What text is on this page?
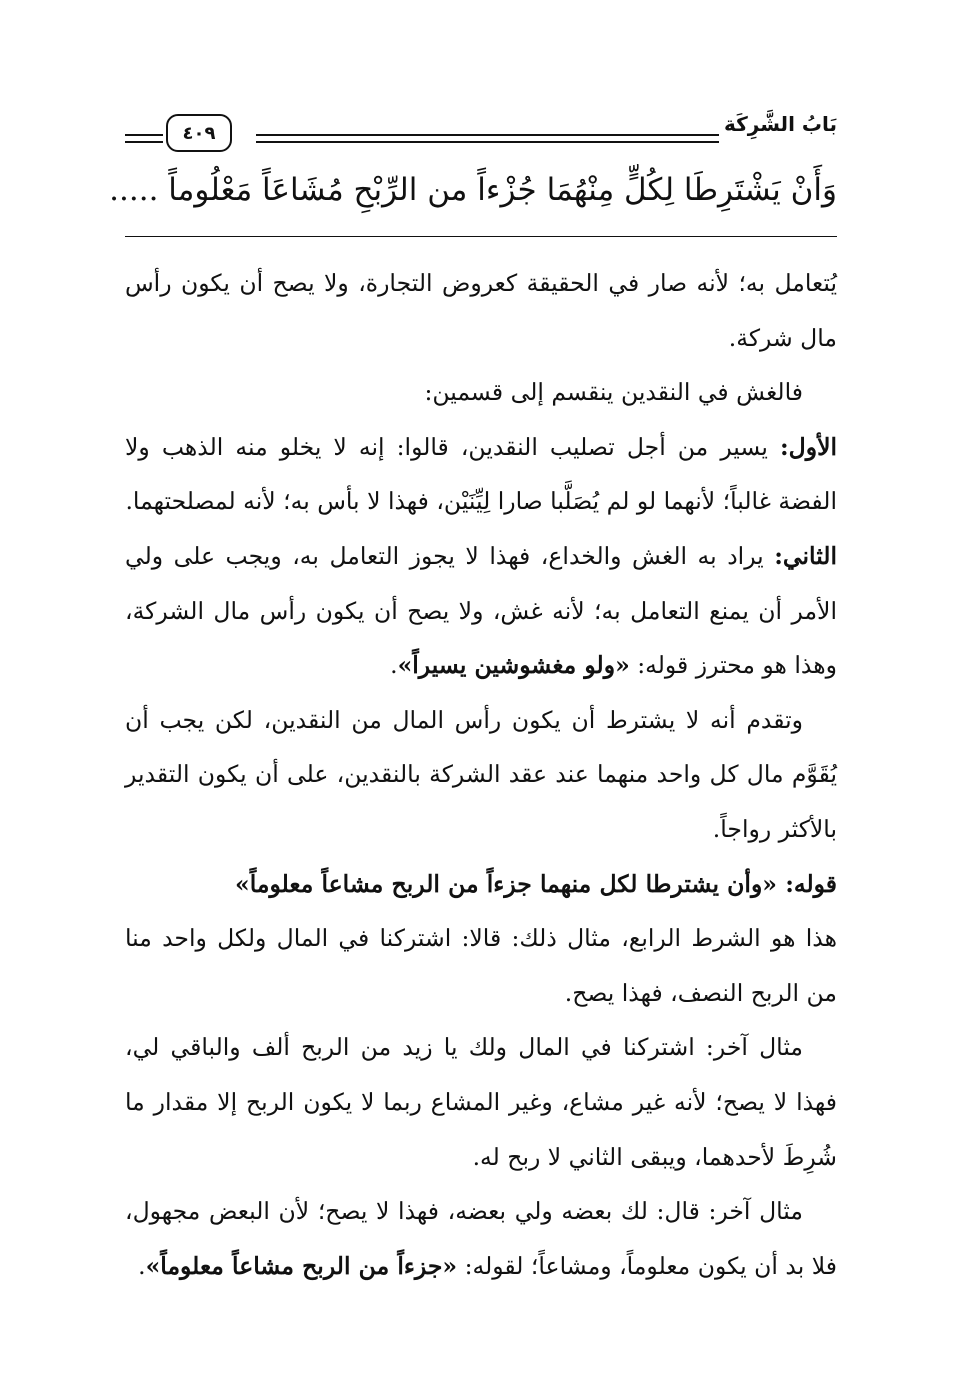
بَابُ الشَّرِكَة
٤٠٩
وَأَنْ يَشْتَرِطَا لِكُلٍّ مِنْهُمَا جُزْءاً من الرِّبْحِ مُشَاعَاً مَعْلُوماً .....

يُتعامل به؛ لأنه صار في الحقيقة كعروض التجارة، ولا يصح أن يكون رأس مال شركة.

فالغش في النقدين ينقسم إلى قسمين:

الأول: يسير من أجل تصليب النقدين، قالوا: إنه لا يخلو منه الذهب ولا الفضة غالباً؛ لأنهما لو لم يُصَلَّبا صارا لِيِّنَيْن، فهذا لا بأس به؛ لأنه لمصلحتهما.

الثاني: يراد به الغش والخداع، فهذا لا يجوز التعامل به، ويجب على ولي الأمر أن يمنع التعامل به؛ لأنه غش، ولا يصح أن يكون رأس مال الشركة، وهذا هو محترز قوله: «ولو مغشوشين يسيراً».

وتقدم أنه لا يشترط أن يكون رأس المال من النقدين، لكن يجب أن يُقَوَّم مال كل واحد منهما عند عقد الشركة بالنقدين، على أن يكون التقدير بالأكثر رواجاً.

قوله: «وأن يشترطا لكل منهما جزءاً من الربح مشاعاً معلوماً»

هذا هو الشرط الرابع، مثال ذلك: قالا: اشتركنا في المال ولكل واحد منا من الربح النصف، فهذا يصح.

مثال آخر: اشتركنا في المال ولك يا زيد من الربح ألف والباقي لي، فهذا لا يصح؛ لأنه غير مشاع، وغير المشاع ربما لا يكون الربح إلا مقدار ما شُرِطَ لأحدهما، ويبقى الثاني لا ربح له.

مثال آخر: قال: لك بعضه ولي بعضه، فهذا لا يصح؛ لأن البعض مجهول، فلا بد أن يكون معلوماً، ومشاعاً؛ لقوله: «جزءاً من الربح مشاعاً معلوماً».
